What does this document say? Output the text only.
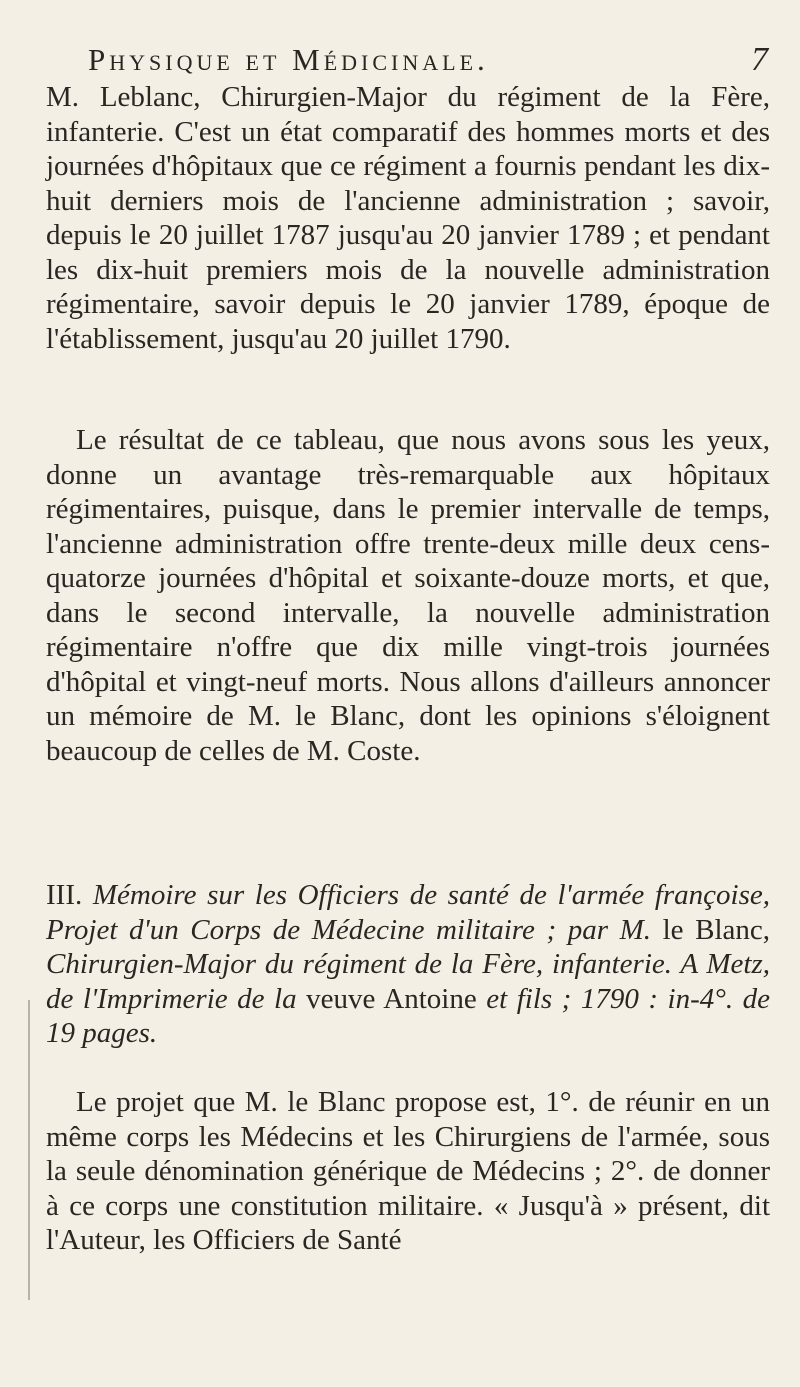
Physique et Médicinale.	7

M. Leblanc, Chirurgien-Major du régiment de la Fère, infanterie. C'est un état comparatif des hommes morts et des journées d'hôpitaux que ce régiment a fournis pendant les dix-huit derniers mois de l'ancienne administration ; savoir, depuis le 20 juillet 1787 jusqu'au 20 janvier 1789 ; et pendant les dix-huit premiers mois de la nouvelle administration régimentaire, savoir depuis le 20 janvier 1789, époque de l'établissement, jusqu'au 20 juillet 1790.

Le résultat de ce tableau, que nous avons sous les yeux, donne un avantage très-remarquable aux hôpitaux régimentaires, puisque, dans le premier intervalle de temps, l'ancienne administration offre trente-deux mille deux cens-quatorze journées d'hôpital et soixante-douze morts, et que, dans le second intervalle, la nouvelle administration régimentaire n'offre que dix mille vingt-trois journées d'hôpital et vingt-neuf morts. Nous allons d'ailleurs annoncer un mémoire de M. le Blanc, dont les opinions s'éloignent beaucoup de celles de M. Coste.

III. Mémoire sur les Officiers de santé de l'armée françoise, Projet d'un Corps de Médecine militaire ; par M. le Blanc, Chirurgien-Major du régiment de la Fère, infanterie. A Metz, de l'Imprimerie de la veuve Antoine et fils ; 1790 : in-4°. de 19 pages.

Le projet que M. le Blanc propose est, 1°. de réunir en un même corps les Médecins et les Chirurgiens de l'armée, sous la seule dénomination générique de Médecins ; 2°. de donner à ce corps une constitution militaire. « Jusqu'à » présent, dit l'Auteur, les Officiers de Santé
